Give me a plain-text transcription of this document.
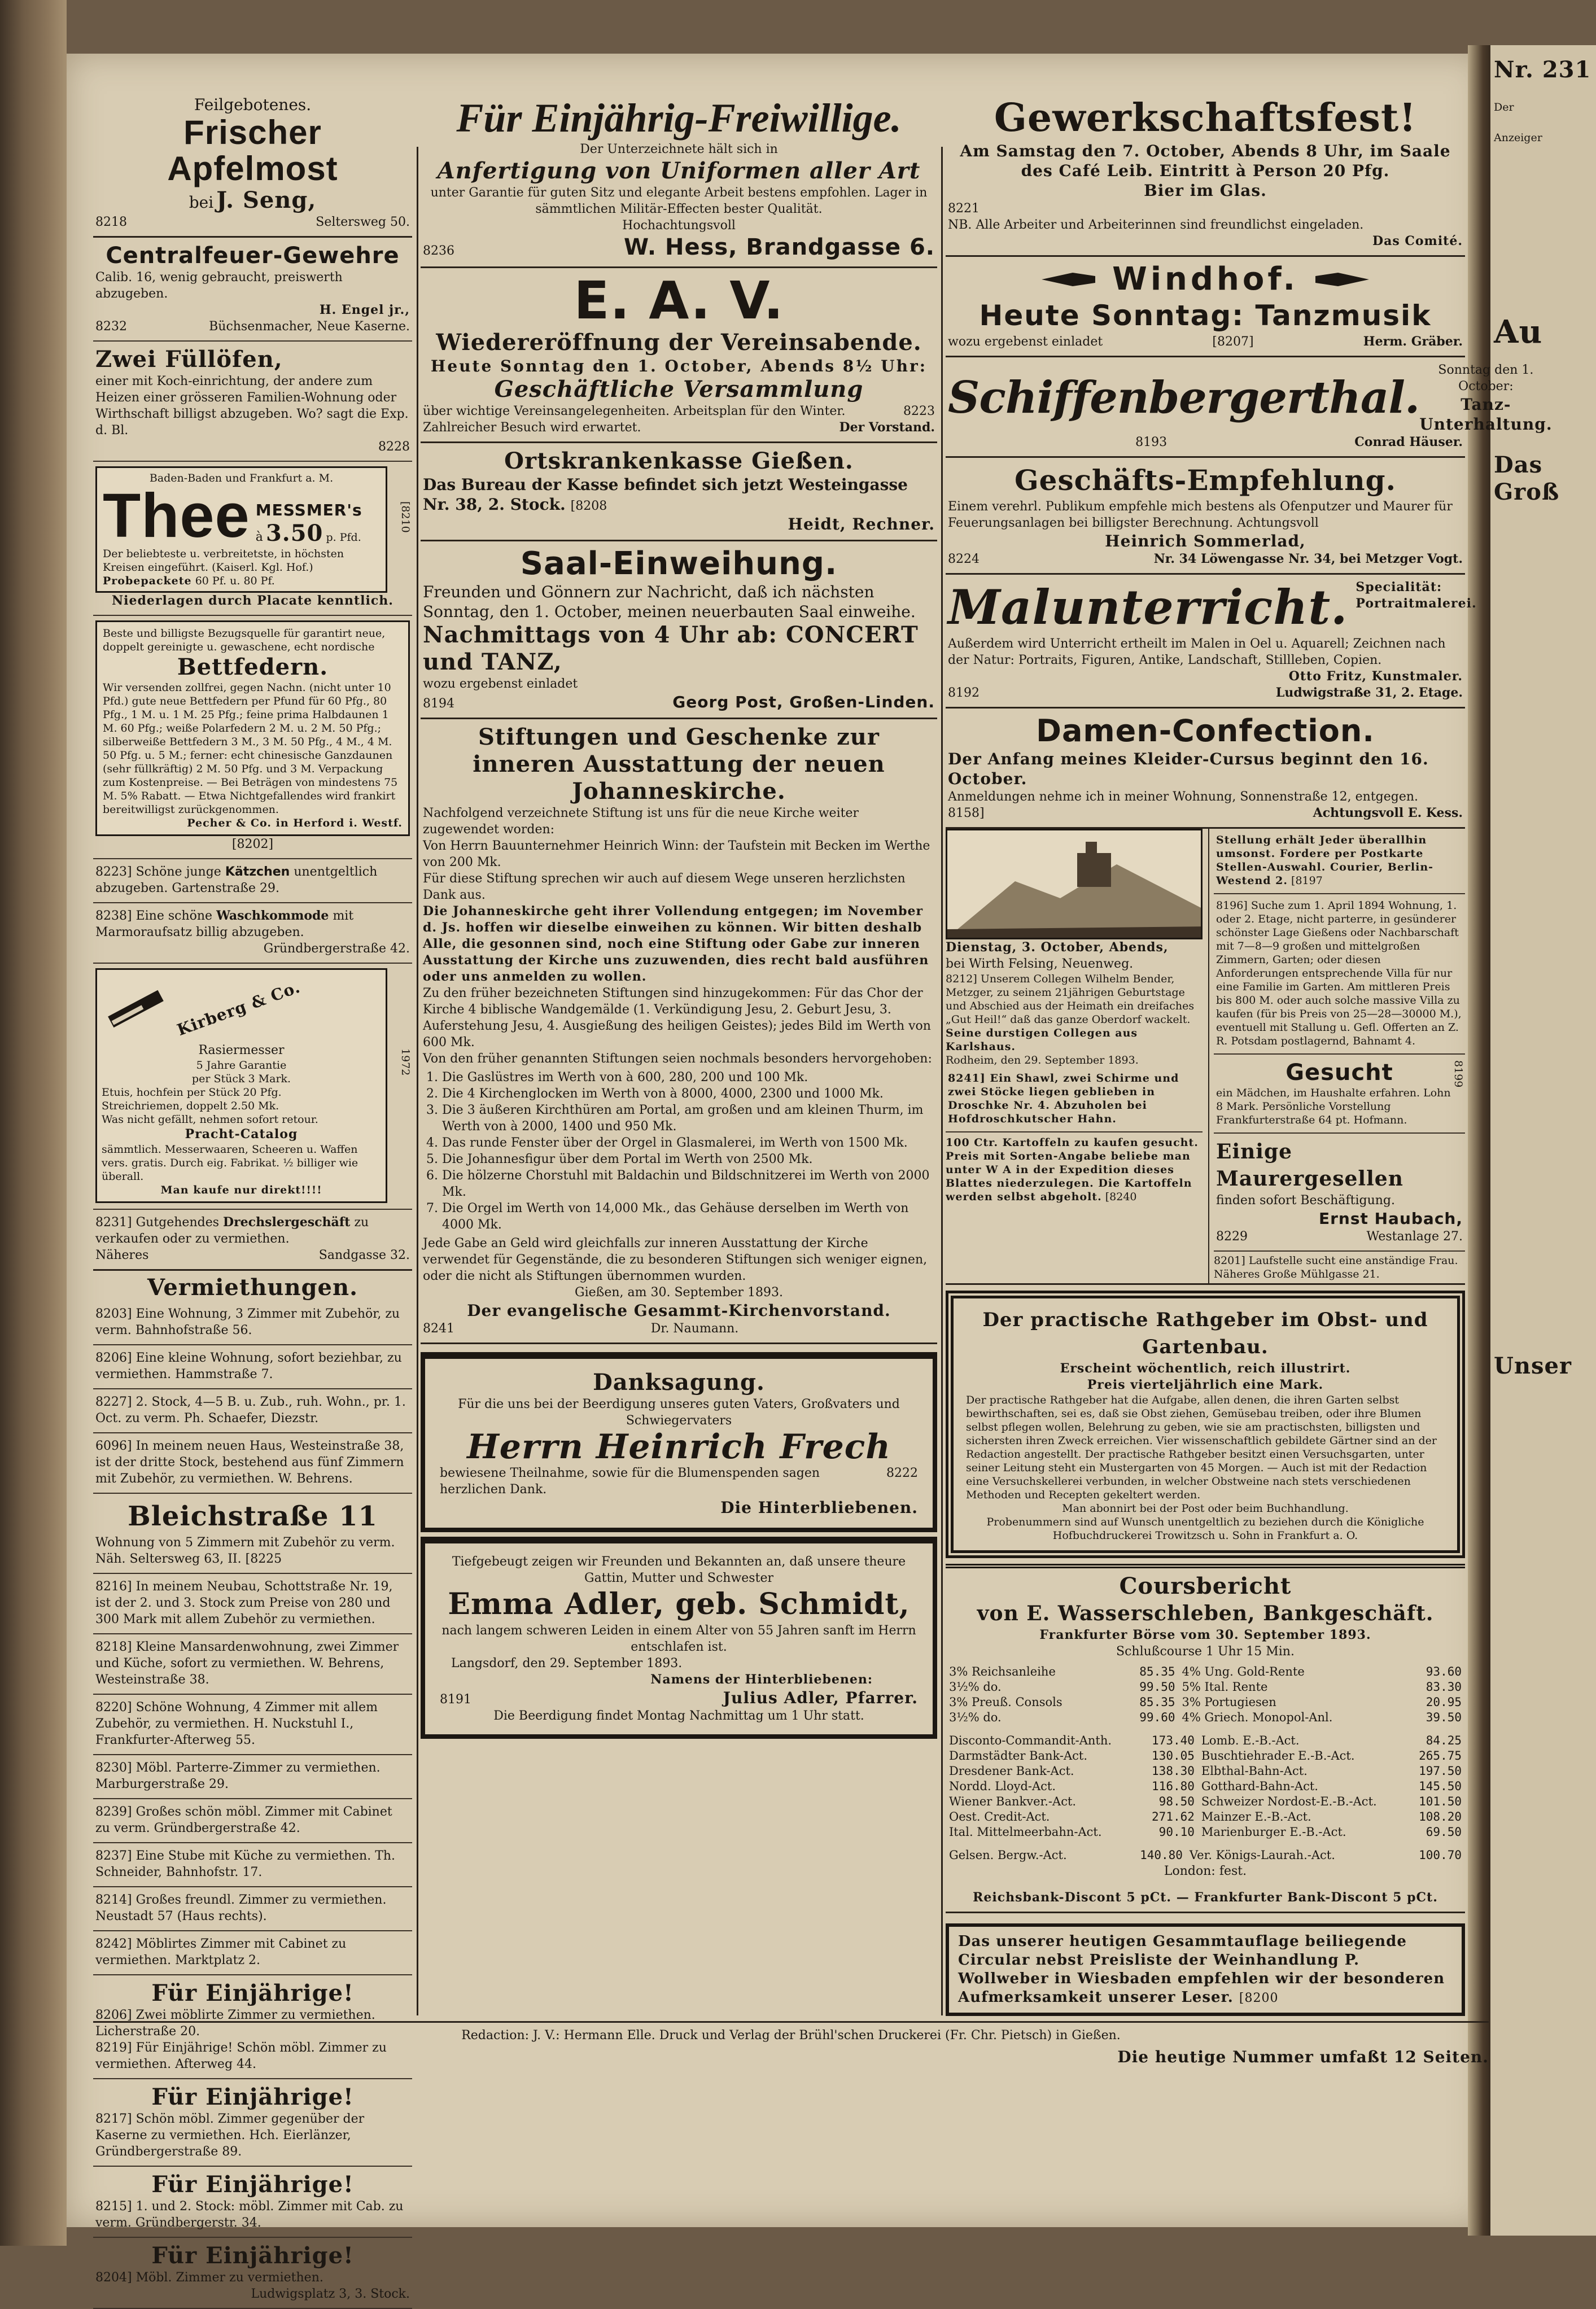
Nr. 231
Der
Anzeiger
Au
Das Groß
Unser
Feilgebotenes.
Frischer Apfelmost
bei J. Seng,
8218	Seltersweg 50.
Centralfeuer-Gewehre
Calib. 16, wenig gebraucht, preiswerth abzugeben.
H. Engel jr.,
8232	Büchsenmacher, Neue Kaserne.
Zwei Füllöfen,
einer mit Koch-einrichtung, der andere zum Heizen einer grösseren Familien-Wohnung oder Wirthschaft billigst abzugeben. Wo? sagt die Exp. d. Bl.
8228
Baden-Baden und Frankfurt a. M.
Thee MESSMER's
à 3.50 p. Pfd.
Der beliebteste u. verbreitetste, in höchsten Kreisen eingeführt. (Kaiserl. Kgl. Hof.)
Probepackete 60 Pf. u. 80 Pf.
Niederlagen durch Placate kenntlich.
[8210
Beste und billigste Bezugsquelle für garantirt neue, doppelt gereinigte u. gewaschene, echt nordische
Bettfedern.
Wir versenden zollfrei, gegen Nachn. (nicht unter 10 Pfd.) gute neue Bettfedern per Pfund für 60 Pfg., 80 Pfg., 1 M. u. 1 M. 25 Pfg.; feine prima Halbdaunen 1 M. 60 Pfg.; weiße Polarfedern 2 M. u. 2 M. 50 Pfg.; silberweiße Bettfedern 3 M., 3 M. 50 Pfg., 4 M., 4 M. 50 Pfg. u. 5 M.; ferner: echt chinesische Ganzdaunen (sehr füllkräftig) 2 M. 50 Pfg. und 3 M. Verpackung zum Kostenpreise. — Bei Beträgen von mindestens 75 M. 5% Rabatt. — Etwa Nichtgefallendes wird frankirt bereitwilligst zurückgenommen.
Pecher & Co. in Herford i. Westf.
[8202]
8223] Schöne junge Kätzchen unentgeltlich abzugeben. Gartenstraße 29.
8238] Eine schöne Waschkommode mit Marmoraufsatz billig abzugeben.
Gründbergerstraße 42.
Kirberg & Co.
Rasiermesser
5 Jahre Garantie
per Stück 3 Mark.
Etuis, hochfein per Stück 20 Pfg.
Streichriemen, doppelt 2.50 Mk.
Was nicht gefällt, nehmen sofort retour.
Pracht-Catalog
sämmtlich. Messerwaaren, Scheeren u. Waffen vers. gratis. Durch eig. Fabrikat. ½ billiger wie überall.
Man kaufe nur direkt!!!!
1972
8231] Gutgehendes Drechslergeschäft zu verkaufen oder zu vermiethen.
Näheres	Sandgasse 32.
Vermiethungen.
8203] Eine Wohnung, 3 Zimmer mit Zubehör, zu verm. Bahnhofstraße 56.
8206] Eine kleine Wohnung, sofort beziehbar, zu vermiethen. Hammstraße 7.
8227] 2. Stock, 4—5 B. u. Zub., ruh. Wohn., pr. 1. Oct. zu verm. Ph. Schaefer, Diezstr.
6096] In meinem neuen Haus, Westeinstraße 38, ist der dritte Stock, bestehend aus fünf Zimmern mit Zubehör, zu vermiethen. W. Behrens.
Bleichstraße 11
Wohnung von 5 Zimmern mit Zubehör zu verm. Näh. Seltersweg 63, II. [8225
8216] In meinem Neubau, Schottstraße Nr. 19, ist der 2. und 3. Stock zum Preise von 280 und 300 Mark mit allem Zubehör zu vermiethen.
8218] Kleine Mansardenwohnung, zwei Zimmer und Küche, sofort zu vermiethen. W. Behrens, Westeinstraße 38.
8220] Schöne Wohnung, 4 Zimmer mit allem Zubehör, zu vermiethen. H. Nuckstuhl I., Frankfurter-Afterweg 55.
8230] Möbl. Parterre-Zimmer zu vermiethen. Marburgerstraße 29.
8239] Großes schön möbl. Zimmer mit Cabinet zu verm. Gründbergerstraße 42.
8237] Eine Stube mit Küche zu vermiethen. Th. Schneider, Bahnhofstr. 17.
8214] Großes freundl. Zimmer zu vermiethen. Neustadt 57 (Haus rechts).
8242] Möblirtes Zimmer mit Cabinet zu vermiethen. Marktplatz 2.
Für Einjährige!
8206] Zwei möblirte Zimmer zu vermiethen. Licherstraße 20.
8219] Für Einjährige! Schön möbl. Zimmer zu vermiethen. Afterweg 44.
Für Einjährige!
8217] Schön möbl. Zimmer gegenüber der Kaserne zu vermiethen. Hch. Eierlänzer, Gründbergerstraße 89.
Für Einjährige!
8215] 1. und 2. Stock: möbl. Zimmer mit Cab. zu verm. Gründbergerstr. 34.
Für Einjährige!
8204] Möbl. Zimmer zu vermiethen.
Ludwigsplatz 3, 3. Stock.
Für Einjährig-Freiwillige.
Der Unterzeichnete hält sich in
Anfertigung von Uniformen aller Art
unter Garantie für guten Sitz und elegante Arbeit bestens empfohlen. Lager in sämmtlichen Militär-Effecten bester Qualität.
Hochachtungsvoll
8236	W. Hess, Brandgasse 6.
E. A. V.
Wiedereröffnung der Vereinsabende.
Heute Sonntag den 1. October, Abends 8½ Uhr:
Geschäftliche Versammlung
über wichtige Vereinsangelegenheiten. Arbeitsplan für den Winter.	8223
Zahlreicher Besuch wird erwartet.	Der Vorstand.
Ortskrankenkasse Gießen.
Das Bureau der Kasse befindet sich jetzt Westeingasse Nr. 38, 2. Stock. [8208
Heidt, Rechner.
Saal-Einweihung.
Freunden und Gönnern zur Nachricht, daß ich nächsten Sonntag, den 1. October, meinen neuerbauten Saal einweihe.
Nachmittags von 4 Uhr ab: CONCERT und TANZ,
wozu ergebenst einladet
8194	Georg Post, Großen-Linden.
Stiftungen und Geschenke zur inneren Ausstattung der neuen Johanneskirche.
Nachfolgend verzeichnete Stiftung ist uns für die neue Kirche weiter zugewendet worden:
Von Herrn Bauunternehmer Heinrich Winn: der Taufstein mit Becken im Werthe von 200 Mk.
Für diese Stiftung sprechen wir auch auf diesem Wege unseren herzlichsten Dank aus.
Die Johanneskirche geht ihrer Vollendung entgegen; im November d. Js. hoffen wir dieselbe einweihen zu können. Wir bitten deshalb Alle, die gesonnen sind, noch eine Stiftung oder Gabe zur inneren Ausstattung der Kirche uns zuzuwenden, dies recht bald ausführen oder uns anmelden zu wollen.
Zu den früher bezeichneten Stiftungen sind hinzugekommen: Für das Chor der Kirche 4 biblische Wandgemälde (1. Verkündigung Jesu, 2. Geburt Jesu, 3. Auferstehung Jesu, 4. Ausgießung des heiligen Geistes); jedes Bild im Werth von 600 Mk.
Von den früher genannten Stiftungen seien nochmals besonders hervorgehoben:
1. Die Gaslüstres im Werth von à 600, 280, 200 und 100 Mk.
2. Die 4 Kirchenglocken im Werth von à 8000, 4000, 2300 und 1000 Mk.
3. Die 3 äußeren Kirchthüren am Portal, am großen und am kleinen Thurm, im Werth von à 2000, 1400 und 950 Mk.
4. Das runde Fenster über der Orgel in Glasmalerei, im Werth von 1500 Mk.
5. Die Johannesfigur über dem Portal im Werth von 2500 Mk.
6. Die hölzerne Chorstuhl mit Baldachin und Bildschnitzerei im Werth von 2000 Mk.
7. Die Orgel im Werth von 14,000 Mk., das Gehäuse derselben im Werth von 4000 Mk.
Jede Gabe an Geld wird gleichfalls zur inneren Ausstattung der Kirche verwendet für Gegenstände, die zu besonderen Stiftungen sich weniger eignen, oder die nicht als Stiftungen übernommen wurden.
Gießen, am 30. September 1893.
Der evangelische Gesammt-Kirchenvorstand.
8241	Dr. Naumann.
Danksagung.
Für die uns bei der Beerdigung unseres guten Vaters, Großvaters und Schwiegervaters
Herrn Heinrich Frech
bewiesene Theilnahme, sowie für die Blumenspenden sagen herzlichen Dank.
8222
Die Hinterbliebenen.
Tiefgebeugt zeigen wir Freunden und Bekannten an, daß unsere theure Gattin, Mutter und Schwester
Emma Adler, geb. Schmidt,
nach langem schweren Leiden in einem Alter von 55 Jahren sanft im Herrn entschlafen ist.
Langsdorf, den 29. September 1893.
Namens der Hinterbliebenen:
8191	Julius Adler, Pfarrer.
Die Beerdigung findet Montag Nachmittag um 1 Uhr statt.
Gewerkschaftsfest!
Am Samstag den 7. October, Abends 8 Uhr, im Saale des Café Leib. Eintritt à Person 20 Pfg.
Bier im Glas.
8221
NB. Alle Arbeiter und Arbeiterinnen sind freundlichst eingeladen.
Das Comité.
Windhof.
Heute Sonntag: Tanzmusik
wozu ergebenst einladet	[8207]	Herm. Gräber.
Schiffenbergerthal.
Sonntag den 1. October:
Tanz-Unterhaltung.
8193	Conrad Häuser.
Geschäfts-Empfehlung.
Einem verehrl. Publikum empfehle mich bestens als Ofenputzer und Maurer für Feuerungsanlagen bei billigster Berechnung. Achtungsvoll
Heinrich Sommerlad,
8224	Nr. 34 Löwengasse Nr. 34, bei Metzger Vogt.
Malunterricht. Specialität: Portraitmalerei.
Außerdem wird Unterricht ertheilt im Malen in Oel u. Aquarell; Zeichnen nach der Natur: Portraits, Figuren, Antike, Landschaft, Stillleben, Copien.
Otto Fritz, Kunstmaler.
8192	Ludwigstraße 31, 2. Etage.
Damen-Confection.
Der Anfang meines Kleider-Cursus beginnt den 16. October.
Anmeldungen nehme ich in meiner Wohnung, Sonnenstraße 12, entgegen.
8158]	Achtungsvoll E. Kess.
Dienstag, 3. October, Abends,
bei Wirth Felsing, Neuenweg.
8212] Unserem Collegen Wilhelm Bender, Metzger, zu seinem 21jährigen Geburtstage und Abschied aus der Heimath ein dreifaches „Gut Heil!“ daß das ganze Oberdorf wackelt.
Seine durstigen Collegen aus Karlshaus.
Rodheim, den 29. September 1893.
8241] Ein Shawl, zwei Schirme und zwei Stöcke liegen geblieben in Droschke Nr. 4. Abzuholen bei Hofdroschkutscher Hahn.
100 Ctr. Kartoffeln zu kaufen gesucht. Preis mit Sorten-Angabe beliebe man unter W A in der Expedition dieses Blattes niederzulegen. Die Kartoffeln werden selbst abgeholt. [8240
Stellung erhält Jeder überallhin umsonst. Fordere per Postkarte Stellen-Auswahl. Courier, Berlin-Westend 2. [8197
8196] Suche zum 1. April 1894 Wohnung, 1. oder 2. Etage, nicht parterre, in gesünderer schönster Lage Gießens oder Nachbarschaft mit 7—8—9 großen und mittelgroßen Zimmern, Garten; oder diesen Anforderungen entsprechende Villa für nur eine Familie im Garten. Am mittleren Preis bis 800 M. oder auch solche massive Villa zu kaufen (für bis Preis von 25—28—30000 M.), eventuell mit Stallung u. Gefl. Offerten an Z. R. Potsdam postlagernd, Bahnamt 4.
Gesucht
ein Mädchen, im Haushalte erfahren. Lohn 8 Mark. Persönliche Vorstellung Frankfurterstraße 64 pt. Hofmann.
8199
Einige Maurergesellen
finden sofort Beschäftigung.
Ernst Haubach,
8229	Westanlage 27.
8201] Laufstelle sucht eine anständige Frau. Näheres Große Mühlgasse 21.
Der practische Rathgeber im Obst- und Gartenbau.
Erscheint wöchentlich, reich illustrirt.
Preis vierteljährlich eine Mark.
Der practische Rathgeber hat die Aufgabe, allen denen, die ihren Garten selbst bewirthschaften, sei es, daß sie Obst ziehen, Gemüsebau treiben, oder ihre Blumen selbst pflegen wollen, Belehrung zu geben, wie sie am practischsten, billigsten und sichersten ihren Zweck erreichen. Vier wissenschaftlich gebildete Gärtner sind an der Redaction angestellt. Der practische Rathgeber besitzt einen Versuchsgarten, unter seiner Leitung steht ein Mustergarten von 45 Morgen. — Auch ist mit der Redaction eine Versuchskellerei verbunden, in welcher Obstweine nach stets verschiedenen Methoden und Recepten gekeltert werden.
Man abonnirt bei der Post oder beim Buchhandlung.
Probenummern sind auf Wunsch unentgeltlich zu beziehen durch die Königliche Hofbuchdruckerei Trowitzsch u. Sohn in Frankfurt a. O.
Coursbericht
von E. Wasserschleben, Bankgeschäft.
Frankfurter Börse vom 30. September 1893.
Schlußcourse 1 Uhr 15 Min.
3% Reichsanleihe	85.35	4% Ung. Gold-Rente	93.60
3½% do.	99.50	5% Ital. Rente	83.30
3% Preuß. Consols	85.35	3% Portugiesen	20.95
3½% do.	99.60	4% Griech. Monopol-Anl.	39.50
Disconto-Commandit-Anth.	173.40	Lomb. E.-B.-Act.	84.25
Darmstädter Bank-Act.	130.05	Buschtiehrader E.-B.-Act.	265.75
Dresdener Bank-Act.	138.30	Elbthal-Bahn-Act.	197.50
Nordd. Lloyd-Act.	116.80	Gotthard-Bahn-Act.	145.50
Wiener Bankver.-Act.	98.50	Schweizer Nordost-E.-B.-Act.	101.50
Oest. Credit-Act.	271.62	Mainzer E.-B.-Act.	108.20
Ital. Mittelmeerbahn-Act.	90.10	Marienburger E.-B.-Act.	69.50
Gelsen. Bergw.-Act.	140.80	Ver. Königs-Laurah.-Act.	100.70
London: fest.
Reichsbank-Discont 5 pCt. — Frankfurter Bank-Discont 5 pCt.
Das unserer heutigen Gesammtauflage beiliegende Circular nebst Preisliste der Weinhandlung P. Wollweber in Wiesbaden empfehlen wir der besonderen Aufmerksamkeit unserer Leser. [8200
Redaction: J. V.: Hermann Elle. Druck und Verlag der Brühl'schen Druckerei (Fr. Chr. Pietsch) in Gießen.
Die heutige Nummer umfaßt 12 Seiten.
